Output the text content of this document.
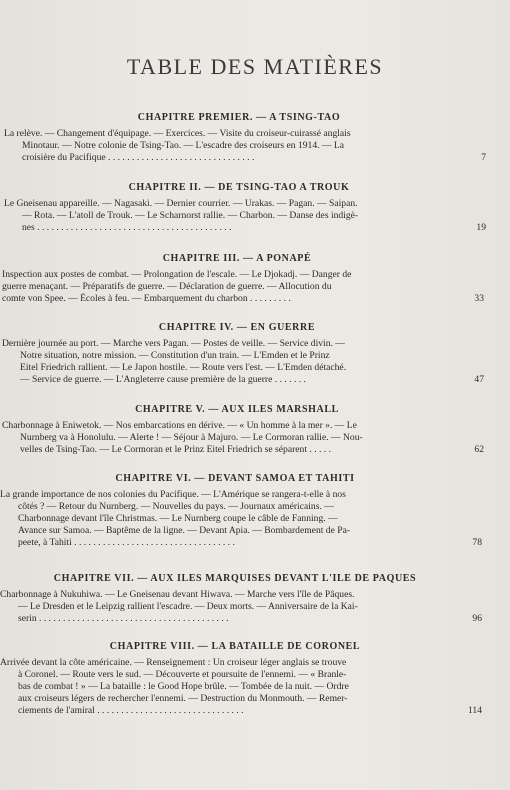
TABLE DES MATIÈRES
CHAPITRE PREMIER. — A TSING-TAO
La relève. — Changement d'équipage. — Exercices. — Visite du croiseur-cuirassé anglais
Minotaur. — Notre colonie de Tsing-Tao. — L'escadre des croiseurs en 1914. — La
croisière du Pacifique . . . . . . . . . . . . . . . . . . . . . . . . . . . . . . .	7
CHAPITRE II. — DE TSING-TAO A TROUK
Le Gneisenau appareille. — Nagasaki. — Dernier courrier. — Urakas. — Pagan. — Saipan.
— Rota. — L'atoll de Trouk. — Le Scharnorst rallie. — Charbon. — Danse des indigè-
nes . . . . . . . . . . . . . . . . . . . . . . . . . . . . . . . . . . . . . . . . .	19
CHAPITRE III. — A PONAPÉ
Inspection aux postes de combat. — Prolongation de l'escale. — Le Djokadj. — Danger de
guerre menaçant. — Préparatifs de guerre. — Déclaration de guerre. — Allocution du
comte von Spee. — Écoles à feu. — Embarquement du charbon . . . . . . . . .	33
CHAPITRE IV. — EN GUERRE
Dernière journée au port. — Marche vers Pagan. — Postes de veille. — Service divin. —
Notre situation, notre mission. — Constitution d'un train. — L'Emden et le Prinz
Eitel Friedrich rallient. — Le Japon hostile. — Route vers l'est. — L'Emden détaché.
— Service de guerre. — L'Angleterre cause première de la guerre . . . . . . .	47
CHAPITRE V. — AUX ILES MARSHALL
Charbonnage à Eniwetok. — Nos embarcations en dérive. — « Un homme à la mer ». — Le
Nurnberg va à Honolulu. — Alerte ! — Séjour à Majuro. — Le Cormoran rallie. — Nou-
velles de Tsing-Tao. — Le Cormoran et le Prinz Eitel Friedrich se séparent . . . . .	62
CHAPITRE VI. — DEVANT SAMOA ET TAHITI
La grande importance de nos colonies du Pacifique. — L'Amérique se rangera-t-elle à nos
côtés ? — Retour du Nurnberg. — Nouvelles du pays. — Journaux américains. —
Charbonnage devant l'île Christmas. — Le Nurnberg coupe le câble de Fanning. —
Avance sur Samoa. — Baptême de la ligne. — Devant Apia. — Bombardement de Pa-
peete, à Tahiti . . . . . . . . . . . . . . . . . . . . . . . . . . . . . . . . . .	78
CHAPITRE VII. — AUX ILES MARQUISES DEVANT L'ILE DE PAQUES
Charbonnage à Nukuhiwa. — Le Gneisenau devant Hiwava. — Marche vers l'île de Pâques.
— Le Dresden et le Leipzig rallient l'escadre. — Deux morts. — Anniversaire de la Kai-
serin . . . . . . . . . . . . . . . . . . . . . . . . . . . . . . . . . . . . . . . .	96
CHAPITRE VIII. — LA BATAILLE DE CORONEL
Arrivée devant la côte américaine. — Renseignement : Un croiseur léger anglais se trouve
à Coronel. — Route vers le sud. — Découverte et poursuite de l'ennemi. — « Branle-
bas de combat ! » — La bataille : le Good Hope brûle. — Tombée de la nuit. — Ordre
aux croiseurs légers de rechercher l'ennemi. — Destruction du Monmouth. — Remer-
ciements de l'amiral . . . . . . . . . . . . . . . . . . . . . . . . . . . . . . .	114
